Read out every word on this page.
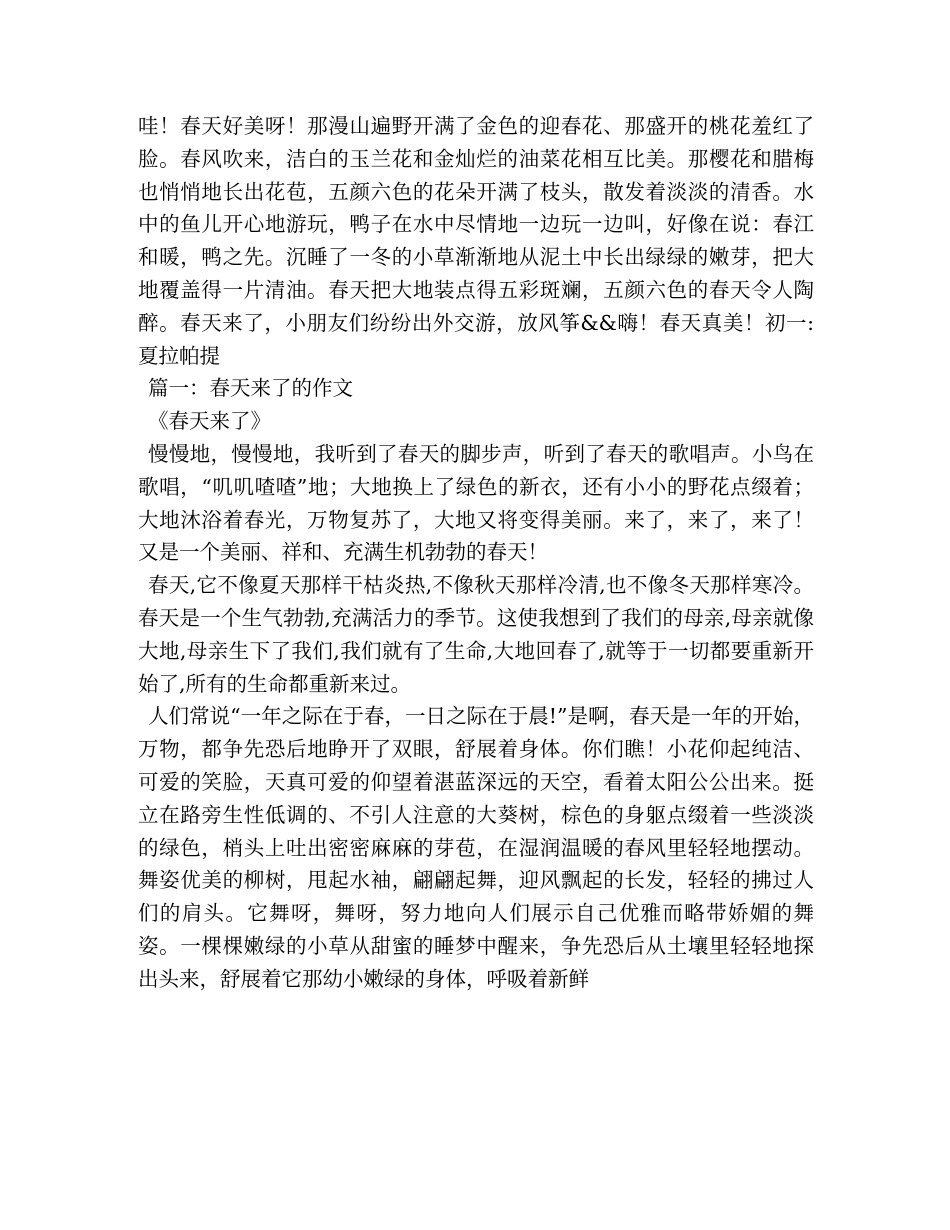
哇！春天好美呀！那漫山遍野开满了金色的迎春花、那盛开的桃花羞红了脸。春风吹来，洁白的玉兰花和金灿烂的油菜花相互比美。那樱花和腊梅也悄悄地长出花苞，五颜六色的花朵开满了枝头，散发着淡淡的清香。水中的鱼儿开心地游玩，鸭子在水中尽情地一边玩一边叫，好像在说：春江和暖，鸭之先。沉睡了一冬的小草渐渐地从泥土中长出绿绿的嫩芽，把大地覆盖得一片清油。春天把大地装点得五彩斑斓，五颜六色的春天令人陶醉。春天来了，小朋友们纷纷出外交游，放风筝&&嗨！春天真美！初一:夏拉帕提

篇一：春天来了的作文

《春天来了》

慢慢地，慢慢地，我听到了春天的脚步声，听到了春天的歌唱声。小鸟在歌唱，“叽叽喳喳”地；大地换上了绿色的新衣，还有小小的野花点缀着；大地沐浴着春光，万物复苏了，大地又将变得美丽。来了，来了，来了！又是一个美丽、祥和、充满生机勃勃的春天！

春天,它不像夏天那样干枯炎热,不像秋天那样冷清,也不像冬天那样寒冷。春天是一个生气勃勃,充满活力的季节。这使我想到了我们的母亲,母亲就像大地,母亲生下了我们,我们就有了生命,大地回春了,就等于一切都要重新开始了,所有的生命都重新来过。

人们常说“一年之际在于春，一日之际在于晨!”是啊，春天是一年的开始，万物，都争先恐后地睁开了双眼，舒展着身体。你们瞧！小花仰起纯洁、可爱的笑脸，天真可爱的仰望着湛蓝深远的天空，看着太阳公公出来。挺立在路旁生性低调的、不引人注意的大葵树，棕色的身躯点缀着一些淡淡的绿色，梢头上吐出密密麻麻的芽苞，在湿润温暖的春风里轻轻地摆动。舞姿优美的柳树，甩起水袖，翩翩起舞，迎风飘起的长发，轻轻的拂过人们的肩头。它舞呀，舞呀，努力地向人们展示自己优雅而略带娇媚的舞姿。一棵棵嫩绿的小草从甜蜜的睡梦中醒来，争先恐后从土壤里轻轻地探出头来，舒展着它那幼小嫩绿的身体，呼吸着新鲜
